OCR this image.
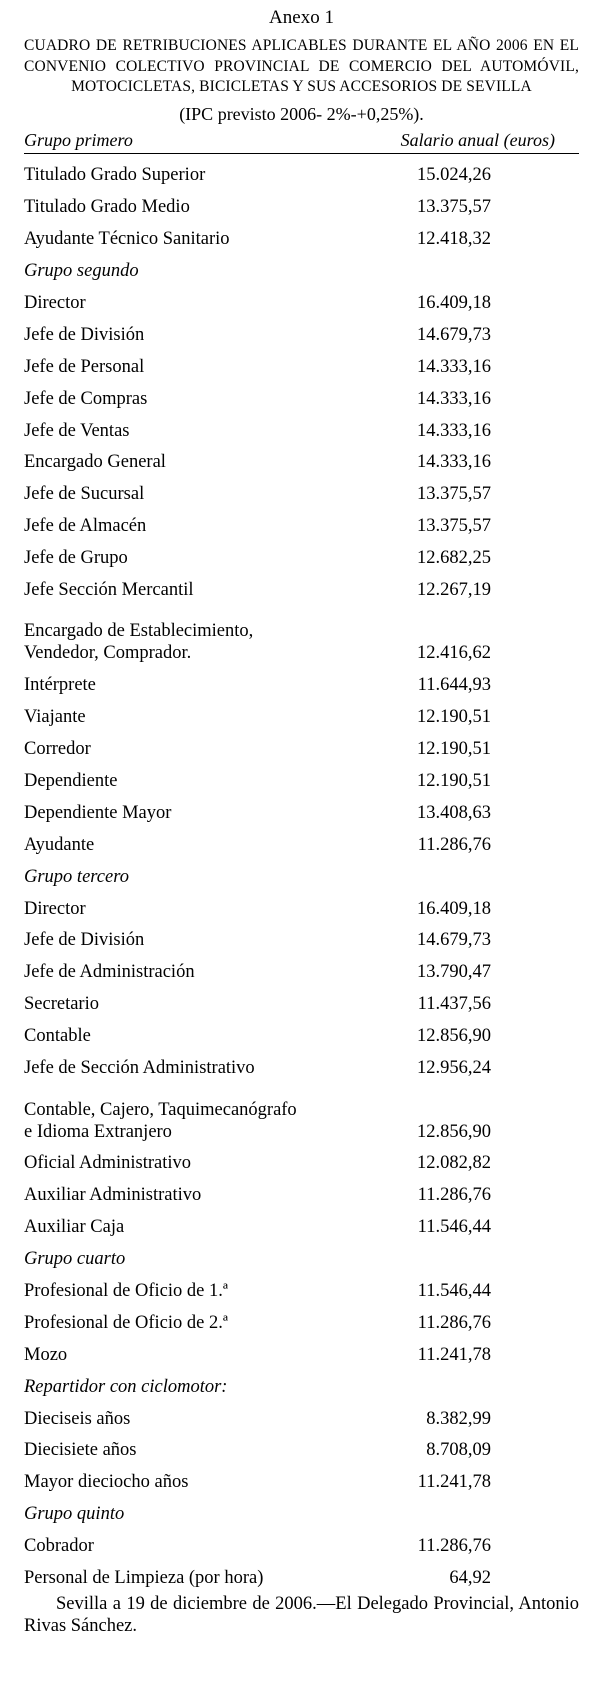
Anexo 1

CUADRO DE RETRIBUCIONES APLICABLES DURANTE EL AÑO 2006 EN EL CONVENIO COLECTIVO PROVINCIAL DE COMERCIO DEL AUTOMÓVIL, MOTOCICLETAS, BICICLETAS Y SUS ACCESORIOS DE SEVILLA

(IPC previsto 2006- 2%-+0,25%).
Grupo primero	Salario anual (euros)
Titulado Grado Superior	15.024,26
Titulado Grado Medio	13.375,57
Ayudante Técnico Sanitario	12.418,32
Grupo segundo
Director	16.409,18
Jefe de División	14.679,73
Jefe de Personal	14.333,16
Jefe de Compras	14.333,16
Jefe de Ventas	14.333,16
Encargado General	14.333,16
Jefe de Sucursal	13.375,57
Jefe de Almacén	13.375,57
Jefe de Grupo	12.682,25
Jefe Sección Mercantil	12.267,19
Encargado de Establecimiento,
Vendedor, Comprador.	12.416,62
Intérprete	11.644,93
Viajante	12.190,51
Corredor	12.190,51
Dependiente	12.190,51
Dependiente Mayor	13.408,63
Ayudante	11.286,76
Grupo tercero
Director	16.409,18
Jefe de División	14.679,73
Jefe de Administración	13.790,47
Secretario	11.437,56
Contable	12.856,90
Jefe de Sección Administrativo	12.956,24
Contable, Cajero, Taquimecanógrafo
e Idioma Extranjero	12.856,90
Oficial Administrativo	12.082,82
Auxiliar Administrativo	11.286,76
Auxiliar Caja	11.546,44
Grupo cuarto
Profesional de Oficio de 1.ª	11.546,44
Profesional de Oficio de 2.ª	11.286,76
Mozo	11.241,78
Repartidor con ciclomotor:
Dieciseis años	8.382,99
Diecisiete años	8.708,09
Mayor dieciocho años	11.241,78
Grupo quinto
Cobrador	11.286,76
Personal de Limpieza (por hora)	64,92

Sevilla a 19 de diciembre de 2006.—El Delegado Provincial, Antonio Rivas Sánchez.
